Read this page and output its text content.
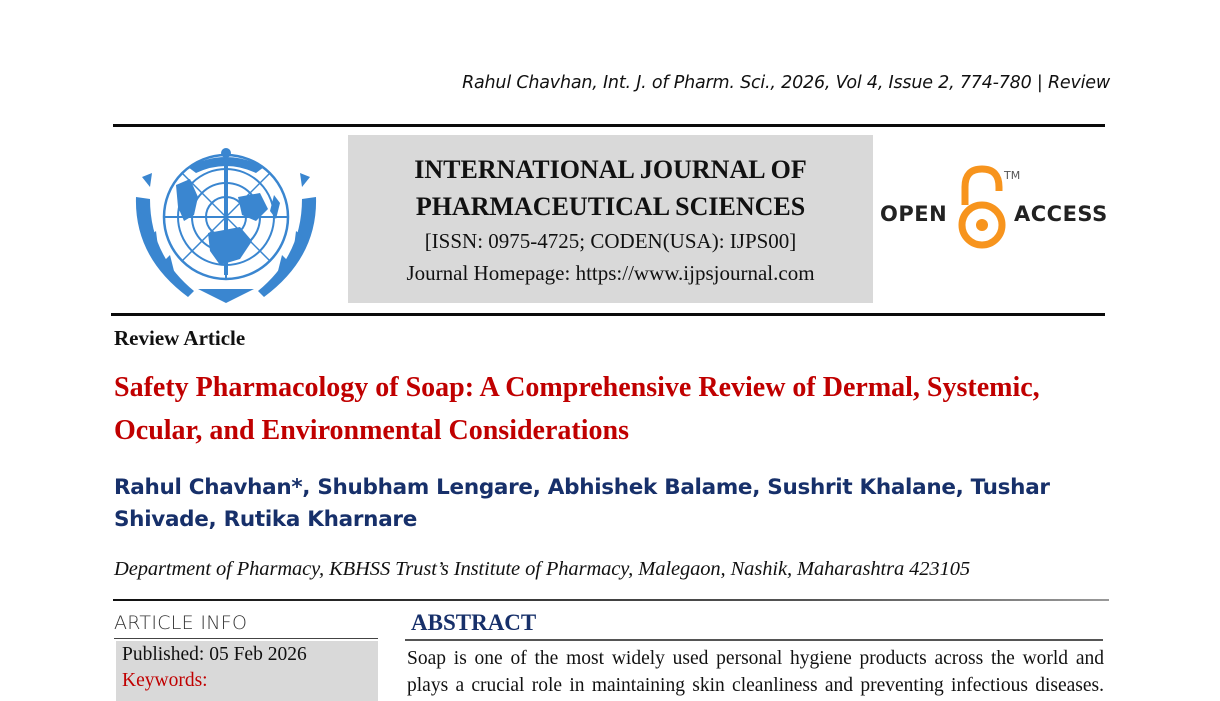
Rahul Chavhan, Int. J. of Pharm. Sci., 2026, Vol 4, Issue 2, 774-780 | Review
INTERNATIONAL JOURNAL OF
PHARMACEUTICAL SCIENCES
[ISSN: 0975-4725; CODEN(USA): IJPS00]
Journal Homepage: https://www.ijpsjournal.com
OPEN
TM
ACCESS
Review Article
Safety Pharmacology of Soap: A Comprehensive Review of Dermal, Systemic, Ocular, and Environmental Considerations
Rahul Chavhan*, Shubham Lengare, Abhishek Balame, Sushrit Khalane, Tushar Shivade, Rutika Kharnare
Department of Pharmacy, KBHSS Trust’s Institute of Pharmacy, Malegaon, Nashik, Maharashtra 423105
ARTICLE INFO
Published: 05 Feb 2026
Keywords:
ABSTRACT
Soap is one of the most widely used personal hygiene products across the world and
plays a crucial role in maintaining skin cleanliness and preventing infectious diseases.
